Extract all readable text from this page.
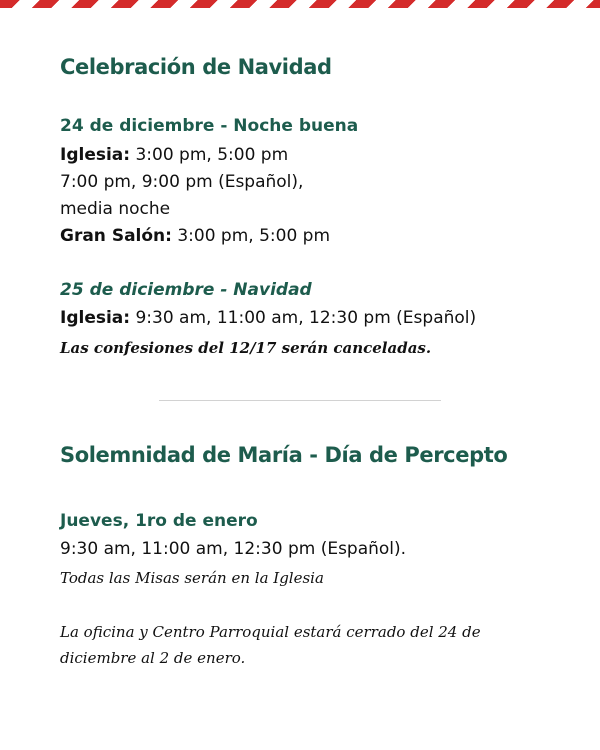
Celebración de Navidad

24 de diciembre - Noche buena

Iglesia: 3:00 pm, 5:00 pm

7:00 pm, 9:00 pm (Español),

media noche

Gran Salón: 3:00 pm, 5:00 pm

25 de diciembre - Navidad

Iglesia: 9:30 am, 11:00 am, 12:30 pm (Español)

Las confesiones del 12/17 serán canceladas.

Solemnidad de María - Día de Percepto

Jueves, 1ro de enero

9:30 am, 11:00 am, 12:30 pm (Español).

Todas las Misas serán en la Iglesia

La oficina y Centro Parroquial estará cerrado del 24 de diciembre al 2 de enero.
